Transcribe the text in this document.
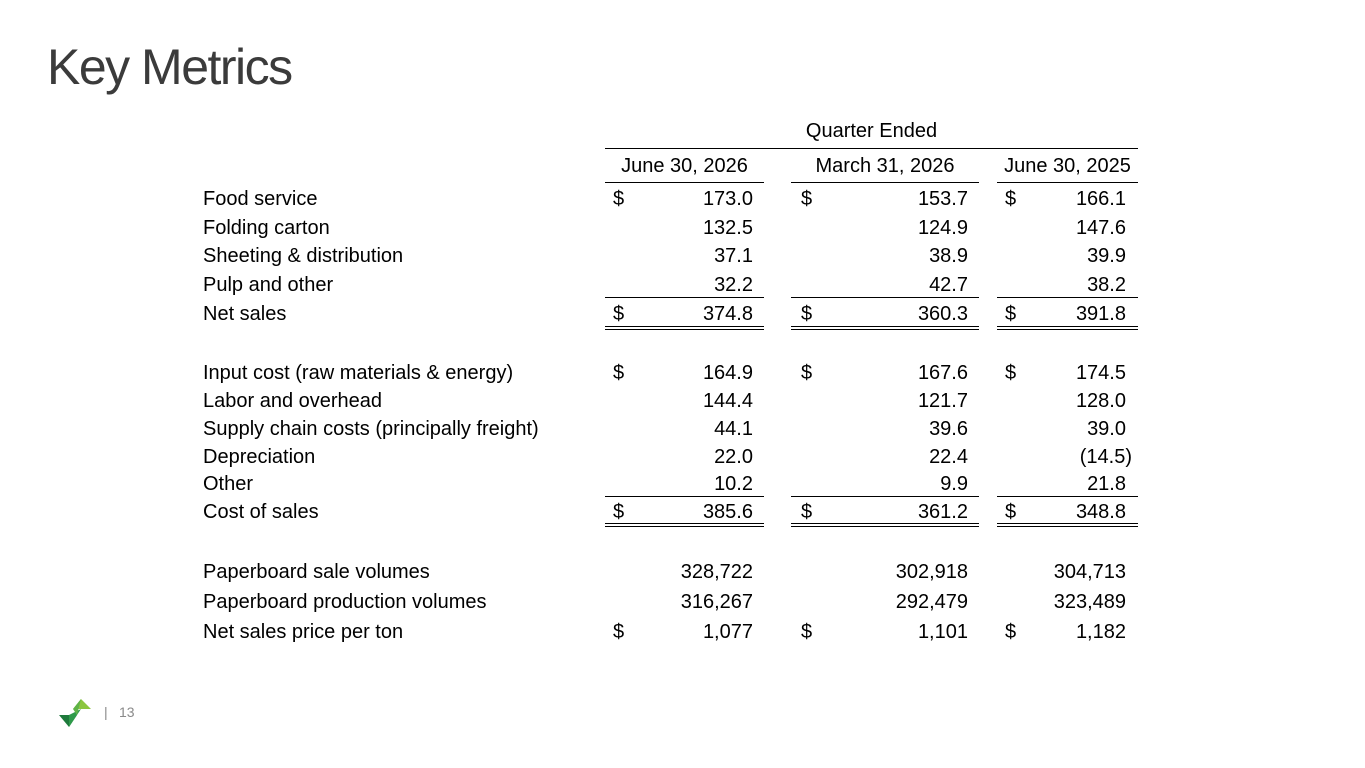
Key Metrics
Quarter Ended
June 30, 2026	March 31, 2026	June 30, 2025
Food service	$	173.0 $	153.7 $	166.1
Folding carton	132.5	124.9	147.6
Sheeting & distribution	37.1	38.9	39.9
Pulp and other	32.2	42.7	38.2
Net sales	$	374.8 $	360.3 $	391.8
Input cost (raw materials & energy)	$	164.9 $	167.6 $	174.5
Labor and overhead	144.4	121.7	128.0
Supply chain costs (principally freight)	44.1	39.6	39.0
Depreciation	22.0	22.4	(14.5)
Other	10.2	9.9	21.8
Cost of sales	$	385.6 $	361.2 $	348.8
Paperboard sale volumes	328,722	302,918	304,713
Paperboard production volumes	316,267	292,479	323,489
Net sales price per ton	$	1,077 $	1,101 $	1,182
| 13
